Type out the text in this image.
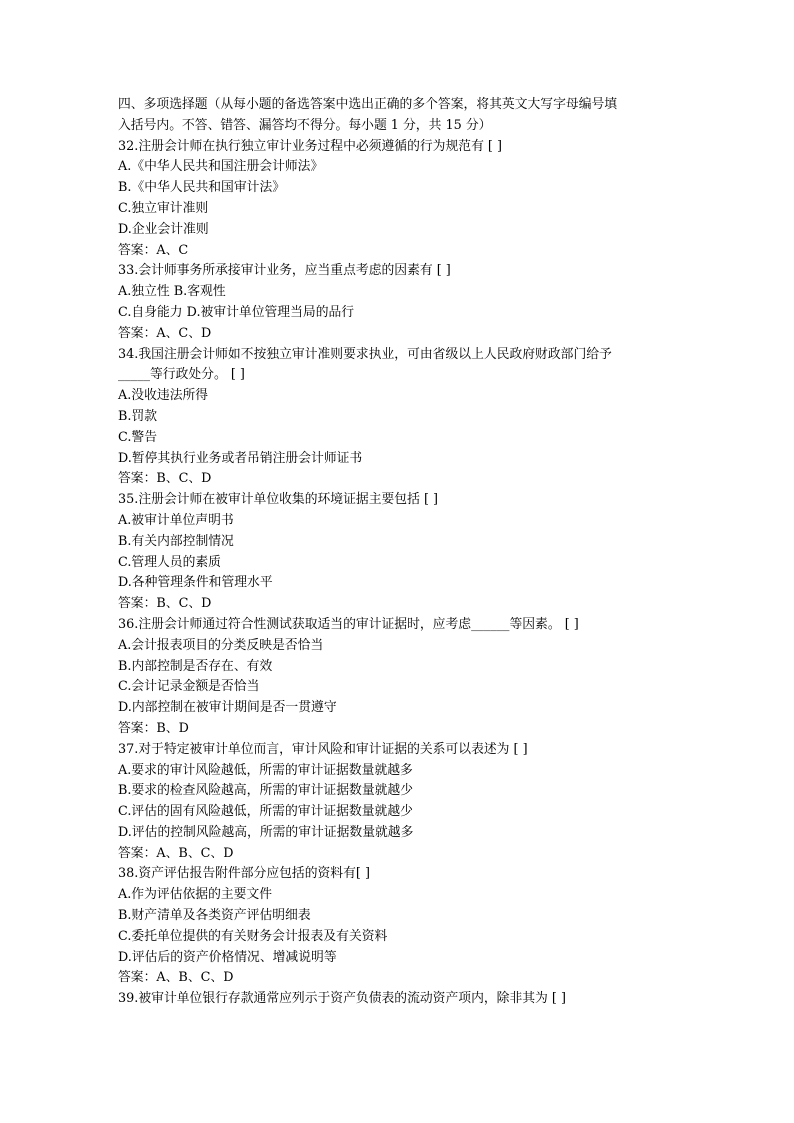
四、多项选择题（从每小题的备选答案中选出正确的多个答案，将其英文大写字母编号填
入括号内。不答、错答、漏答均不得分。每小题 1 分，共 15 分）
32.注册会计师在执行独立审计业务过程中必须遵循的行为规范有 [ ]
A.《中华人民共和国注册会计师法》
B.《中华人民共和国审计法》
C.独立审计准则
D.企业会计准则
答案：A、C
33.会计师事务所承接审计业务，应当重点考虑的因素有 [ ]
A.独立性 B.客观性
C.自身能力 D.被审计单位管理当局的品行
答案：A、C、D
34.我国注册会计师如不按独立审计准则要求执业，可由省级以上人民政府财政部门给予
_____等行政处分。 [ ]
A.没收违法所得
B.罚款
C.警告
D.暂停其执行业务或者吊销注册会计师证书
答案：B、C、D
35.注册会计师在被审计单位收集的环境证据主要包括 [ ]
A.被审计单位声明书
B.有关内部控制情况
C.管理人员的素质
D.各种管理条件和管理水平
答案：B、C、D
36.注册会计师通过符合性测试获取适当的审计证据时，应考虑______等因素。 [ ]
A.会计报表项目的分类反映是否恰当
B.内部控制是否存在、有效
C.会计记录金额是否恰当
D.内部控制在被审计期间是否一贯遵守
答案：B、D
37.对于特定被审计单位而言，审计风险和审计证据的关系可以表述为 [ ]
A.要求的审计风险越低，所需的审计证据数量就越多
B.要求的检查风险越高，所需的审计证据数量就越少
C.评估的固有风险越低，所需的审计证据数量就越少
D.评估的控制风险越高，所需的审计证据数量就越多
答案：A、B、C、D
38.资产评估报告附件部分应包括的资料有[ ]
A.作为评估依据的主要文件
B.财产清单及各类资产评估明细表
C.委托单位提供的有关财务会计报表及有关资料
D.评估后的资产价格情况、增减说明等
答案：A、B、C、D
39.被审计单位银行存款通常应列示于资产负债表的流动资产项内，除非其为 [ ]
